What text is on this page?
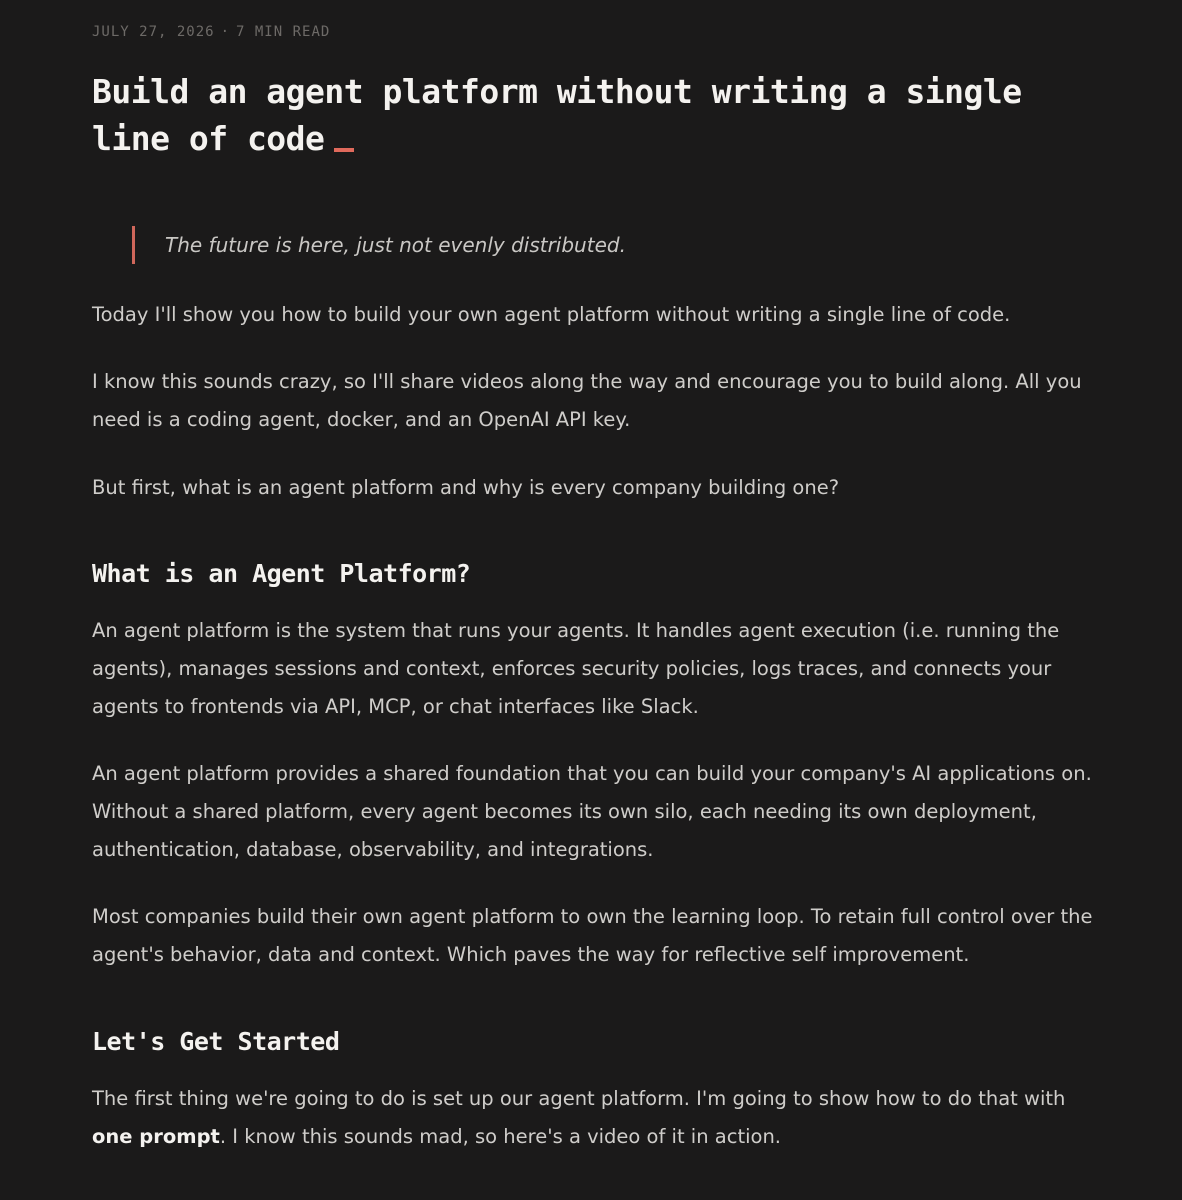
JULY 27, 2026 · 7 MIN READ
Build an agent platform without writing a single line of code

The future is here, just not evenly distributed.

Today I'll show you how to build your own agent platform without writing a single line of code.

I know this sounds crazy, so I'll share videos along the way and encourage you to build along. All you need is a coding agent, docker, and an OpenAI API key.

But first, what is an agent platform and why is every company building one?

What is an Agent Platform?

An agent platform is the system that runs your agents. It handles agent execution (i.e. running the agents), manages sessions and context, enforces security policies, logs traces, and connects your agents to frontends via API, MCP, or chat interfaces like Slack.

An agent platform provides a shared foundation that you can build your company's AI applications on. Without a shared platform, every agent becomes its own silo, each needing its own deployment, authentication, database, observability, and integrations.

Most companies build their own agent platform to own the learning loop. To retain full control over the agent's behavior, data and context. Which paves the way for reflective self improvement.

Let's Get Started

The first thing we're going to do is set up our agent platform. I'm going to show how to do that with one prompt. I know this sounds mad, so here's a video of it in action.
